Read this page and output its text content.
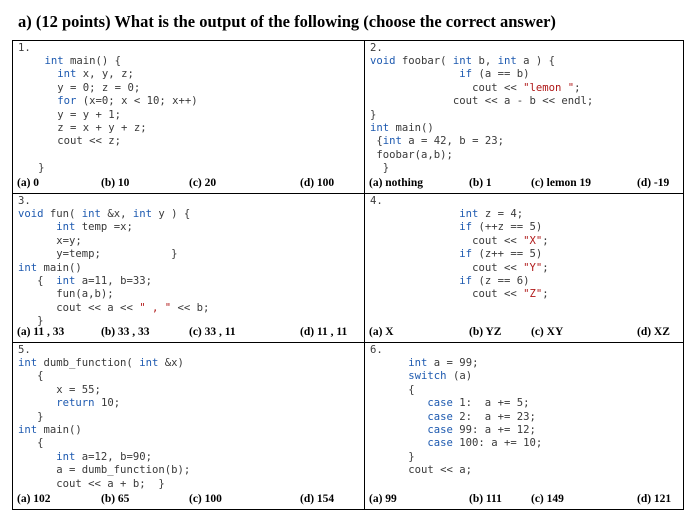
a) (12 points) What is the output of the following (choose the correct answer)
1.
int main() {
int x, y, z;
y = 0; z = 0;
for (x=0; x < 10; x++)
y = y + 1;
z = x + y + z;
cout << z;

}
(a) 0	(b) 10	(c) 20	(d) 100
2.
void foobar( int b, int a ) {
if (a == b)
cout << "lemon ";
cout << a - b << endl;
}
int main()
{int a = 42, b = 23;
foobar(a,b);
}
(a) nothing	(b) 1	(c) lemon 19	(d) -19
3.
void fun( int &x, int y ) {
int temp =x;
x=y;
y=temp;           }
int main()
{  int a=11, b=33;
fun(a,b);
cout << a << " , " << b;
}
(a) 11 , 33	(b) 33 , 33	(c) 33 , 11	(d) 11 , 11
4.
int z = 4;
if (++z == 5)
cout << "X";
if (z++ == 5)
cout << "Y";
if (z == 6)
cout << "Z";
(a) X	(b) YZ	(c) XY	(d) XZ
5.
int dumb_function( int &x)
{
x = 55;
return 10;
}
int main()
{
int a=12, b=90;
a = dumb_function(b);
cout << a + b;  }
(a) 102	(b) 65	(c) 100	(d) 154
6.
int a = 99;
switch (a)
{
case 1:  a += 5;
case 2:  a += 23;
case 99: a += 12;
case 100: a += 10;
}
cout << a;
(a) 99	(b) 111	(c) 149	(d) 121
